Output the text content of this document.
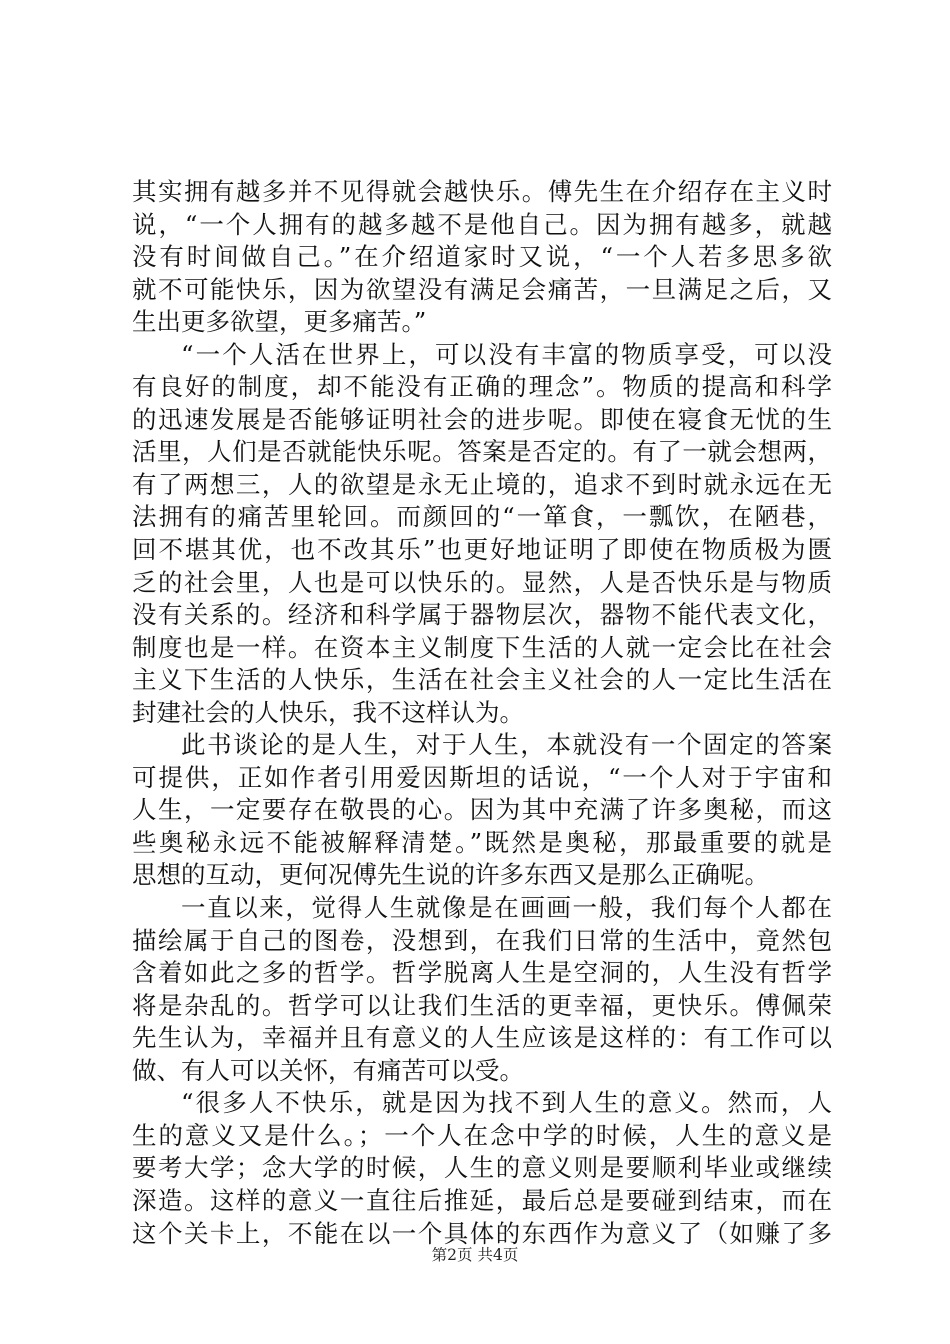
其实拥有越多并不见得就会越快乐。傅先生在介绍存在主义时
说，“一个人拥有的越多越不是他自己。因为拥有越多，就越
没有时间做自己。”在介绍道家时又说，“一个人若多思多欲
就不可能快乐，因为欲望没有满足会痛苦，一旦满足之后，又
生出更多欲望，更多痛苦。”
“一个人活在世界上，可以没有丰富的物质享受，可以没
有良好的制度，却不能没有正确的理念”。物质的提高和科学
的迅速发展是否能够证明社会的进步呢。即使在寝食无忧的生
活里，人们是否就能快乐呢。答案是否定的。有了一就会想两，
有了两想三，人的欲望是永无止境的，追求不到时就永远在无
法拥有的痛苦里轮回。而颜回的“一箪食，一瓢饮，在陋巷，
回不堪其优，也不改其乐”也更好地证明了即使在物质极为匮
乏的社会里，人也是可以快乐的。显然，人是否快乐是与物质
没有关系的。经济和科学属于器物层次，器物不能代表文化，
制度也是一样。在资本主义制度下生活的人就一定会比在社会
主义下生活的人快乐，生活在社会主义社会的人一定比生活在
封建社会的人快乐，我不这样认为。
此书谈论的是人生，对于人生，本就没有一个固定的答案
可提供，正如作者引用爱因斯坦的话说，“一个人对于宇宙和
人生，一定要存在敬畏的心。因为其中充满了许多奥秘，而这
些奥秘永远不能被解释清楚。”既然是奥秘，那最重要的就是
思想的互动，更何况傅先生说的许多东西又是那么正确呢。
一直以来，觉得人生就像是在画画一般，我们每个人都在
描绘属于自己的图卷，没想到，在我们日常的生活中，竟然包
含着如此之多的哲学。哲学脱离人生是空洞的，人生没有哲学
将是杂乱的。哲学可以让我们生活的更幸福，更快乐。傅佩荣
先生认为，幸福并且有意义的人生应该是这样的：有工作可以
做、有人可以关怀，有痛苦可以受。
“很多人不快乐，就是因为找不到人生的意义。然而，人
生的意义又是什么。；一个人在念中学的时候，人生的意义是
要考大学；念大学的时候，人生的意义则是要顺利毕业或继续
深造。这样的意义一直往后推延，最后总是要碰到结束，而在
这个关卡上，不能在以一个具体的东西作为意义了（如赚了多
第2页 共4页
